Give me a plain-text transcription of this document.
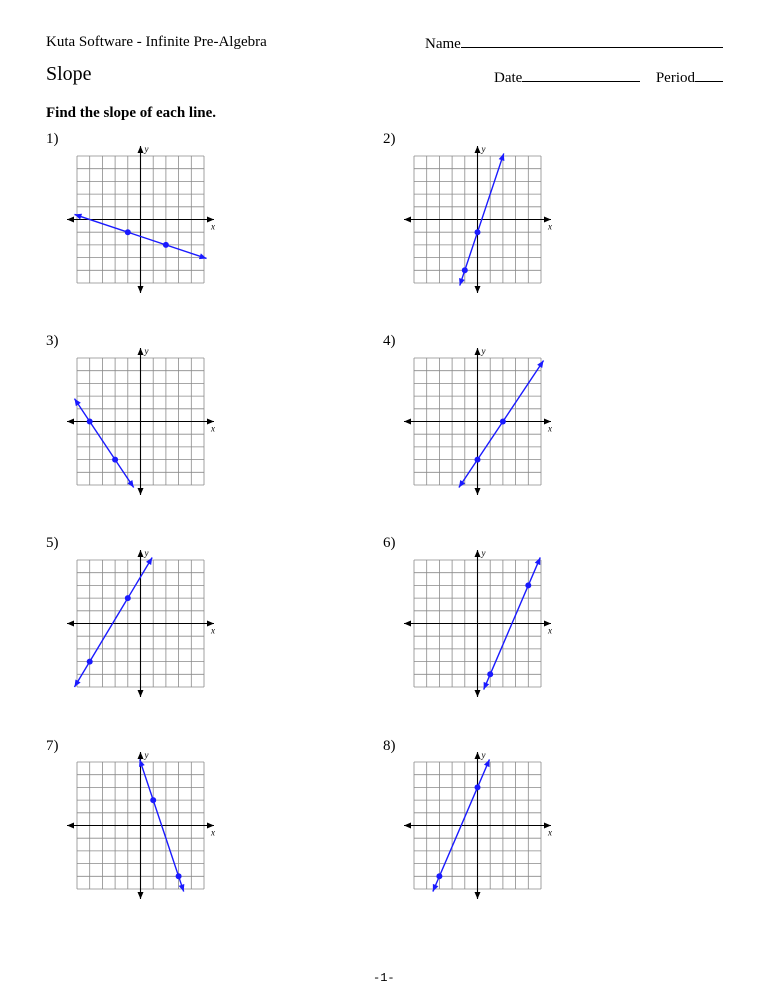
Kuta Software - Infinite Pre-Algebra	Name
Slope	Date	Period
Find the slope of each line.
1)	2)
3)	4)
5)	6)
7)	8)
x
y
x
y
x
y
x
y
x
y
x
y
x
y
x
y
-1-
